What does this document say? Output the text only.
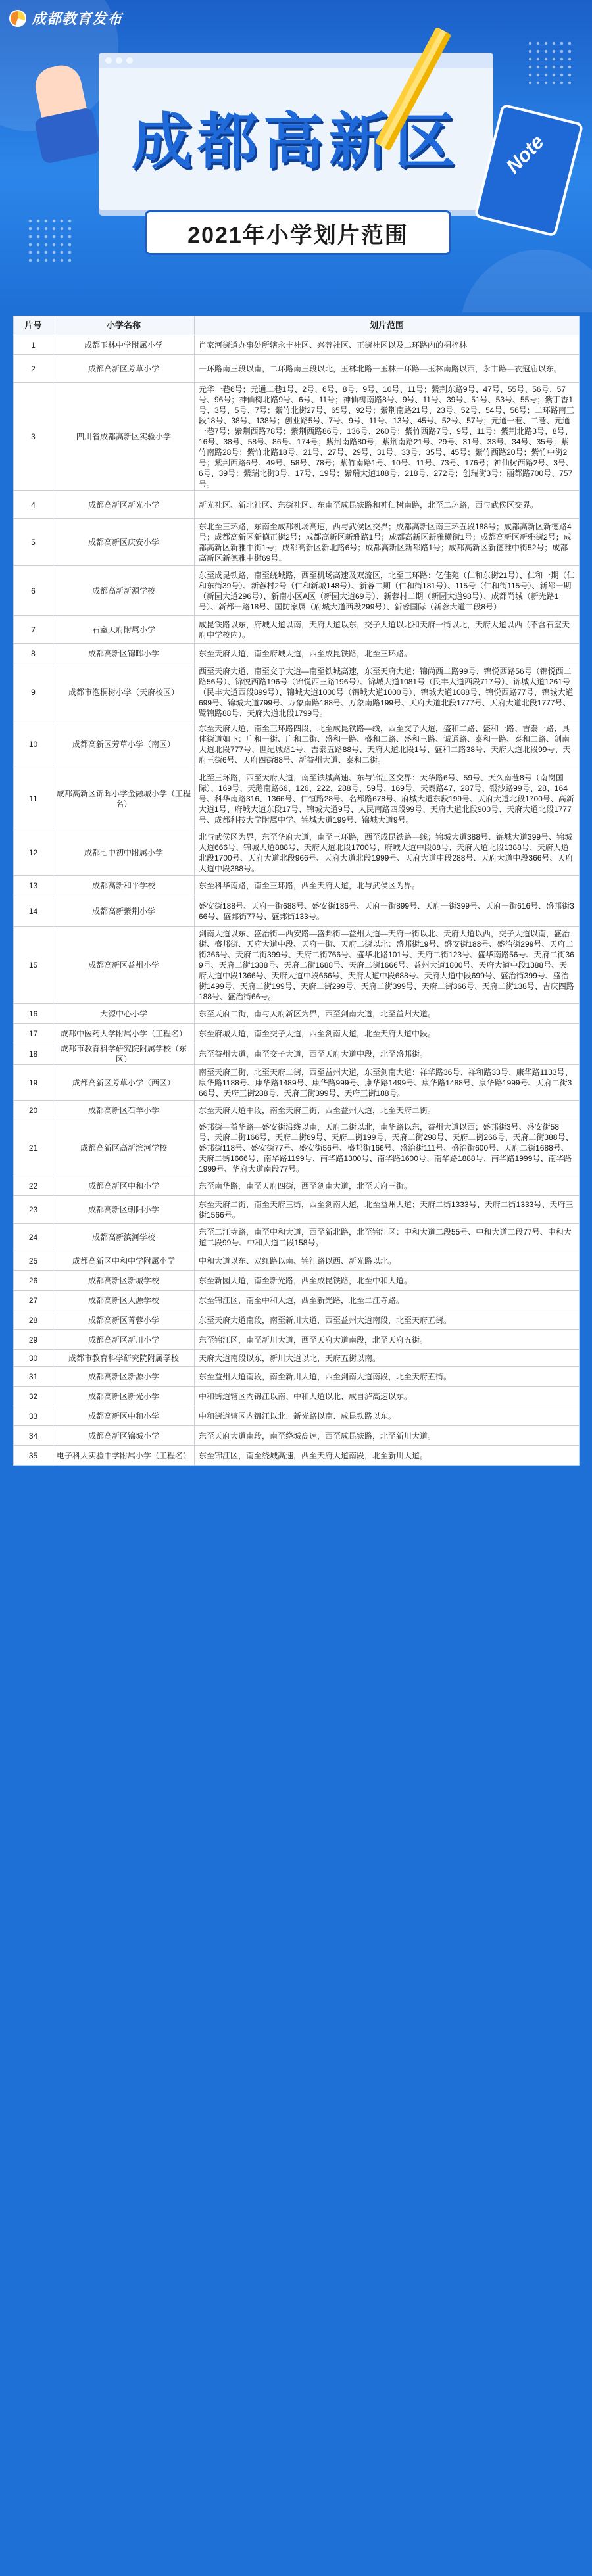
成都教育发布
成都高新区	Note
2021年小学划片范围
片号	小学名称	划片范围
1	成都玉林中学附属小学	肖家河街道办事处所辖永丰社区、兴蓉社区、正街社区以及二环路内的桐梓林
2	成都高新区芳草小学	一环路南三段以南，二环路南三段以北，玉林北路一玉林一环路—玉林南路以西，永丰路—衣冠庙以东。
3	四川省成都高新区实验小学	元华一巷6号；元通二巷1号、2号、6号、8号、9号、10号、11号；紫荆东路9号、47号、55号、56号、57号、96号；神仙树北路9号、6号、11号；神仙树南路8号、9号、11号、39号、51号、53号、55号；紫丁香1号、3号、5号、7号；紫竹北街27号、65号、92号；紫荆南路21号、23号、52号、54号、56号；二环路南三段18号、38号、138号；创业路5号、7号、9号、11号、13号、45号、52号、57号；元通一巷、二巷、元通一巷7号；紫荆西路78号；紫荆西路86号、136号、260号；紫竹西路7号、9号、11号；紫荆北路3号、8号、16号、38号、58号、86号、174号；紫荆南路80号；紫荆南路21号、29号、31号、33号、34号、35号；紫竹南路28号；紫竹北路18号、21号、27号、29号、31号、33号、35号、45号；紫竹西路20号；紫竹中街2号；紫荆西路6号、49号、58号、78号；紫竹南路1号、10号、11号、73号、176号；神仙树西路2号、3号、6号、39号；紫瑞北街3号、17号、19号；紫瑞大道188号、218号、272号；创瑞街3号；丽都路700号、757号。
4	成都高新区新光小学	新光社区、新北社区、东街社区、东南至成昆铁路和神仙树南路，北至二环路，西与武侯区交界。
5	成都高新区庆安小学	东北至三环路，东南至成都机场高速，西与武侯区交界；成都高新区南三环五段188号；成都高新区新德路4号；成都高新区新德正街2号；成都高新区新雅路1号；成都高新区新雅横街1号；成都高新区新雅街2号；成都高新区新雅中街1号；成都高新区新北路6号；成都高新区新都路1号；成都高新区新德雅中街52号；成都高新区新德雅中街69号。
6	成都高新新源学校	东至成昆铁路，南至绕城路，西至机场高速及双流区，北至三环路：亿佳苑（仁和东街21号）、仁和一期（仁和东街39号）、新蓉村2号（仁和新城148号）、新蓉二期（仁和街181号）、115号（仁和街115号）、新都一期（新园大道296号）、新南小区A区（新园大道69号）、新蓉村二期（新园大道98号）、成都尚城（新光路1号）、新都一路18号、国防家属（府城大道西段299号）、新蓉国际（新蓉大道二段8号）
7	石室天府附属小学	成昆铁路以东，府城大道以南，天府大道以东，交子大道以北和天府一街以北，天府大道以西（不含石室天府中学校内）。
8	成都高新区锦晖小学	东至天府大道，南至府城大道，西至成昆铁路，北至三环路。
9	成都市泡桐树小学（天府校区）	西至天府大道，南至交子大道—南至铁城高速，东至天府大道；锦尚西二路99号、锦悦西路56号（锦悦西二路56号）、锦悦西路196号（锦悦西三路196号）、锦城大道1081号（民丰大道西段717号）、锦城大道1261号（民丰大道西段899号）、锦城大道1000号（锦城大道1000号）、锦城大道1088号、锦悦西路77号、锦城大道699号、锦城大道799号、万象南路188号、万象南路199号、天府大道北段1777号、天府大道北段1777号、鹭锦路88号、天府大道北段1799号。
10	成都高新区芳草小学（南区）	东至天府大道，南至三环路四段，北至成昆铁路—线，西至交子大道，盛和二路、盛和一路、吉泰一路、具体街道如下：广和一街、广和二街、盛和一路、盛和二路、盛和三路、诚通路、泰和一路、泰和二路、剑南大道北段777号、世纪城路1号、吉泰五路88号、天府大道北段1号、盛和二路38号、天府大道北段99号、天府三街6号、天府四街88号、新益州大道、泰和二街。
11	成都高新区锦晖小学金融城小学（工程名）	北至三环路，西至天府大道，南至铁城高速、东与锦江区交界：天华路6号、59号、天久南巷8号（南岗国际）、169号、天鹅南路66、126、222、288号、59号、169号、天泰路47、287号、银沙路99号、28、164号、科华南路316、1366号、仁恒路28号、名都路678号、府城大道东段199号、天府大道北段1700号、高新大道1号、府城大道东段17号、锦城大道9号、人民南路四段99号、天府大道北段900号、天府大道北段1777号、成都科技大学附属中学、锦城大道199号、锦城大道9号。
12	成都七中初中附属小学	北与武侯区为界，东至华府大道，南至三环路，西至成昆铁路—线；锦城大道388号、锦城大道399号、锦城大道666号、锦城大道888号、天府大道北段1700号、府城大道中段88号、天府大道北段1388号、天府大道北段1700号、天府大道北段966号、天府大道北段1999号、天府大道中段288号、天府大道中段366号、天府大道中段388号。
13	成都高新和平学校	东至科华南路，南至三环路，西至天府大道，北与武侯区为界。
14	成都高新紫荆小学	盛安街188号、天府一街688号、盛安街186号、天府一街899号、天府一街399号、天府一街616号、盛邦街366号、盛邦街77号、盛邦街133号。
15	成都高新区益州小学	剑南大道以东、盛治街—西安路—盛邦街—益州大道—天府一街以北、天府大道以西，交子大道以南，盛治街、盛邦街、天府大道中段、天府一街、天府二街以北：盛邦街19号、盛安街188号、盛治街299号、天府二街366号、天府二街399号、天府二街766号、盛华北路101号、天府二街123号、盛华南路56号、天府二街369号、天府二街1388号、天府二街1688号、天府二街1666号、益州大道1800号、天府大道中段1388号、天府大道中段1366号、天府大道中段666号、天府大道中段688号、天府大道中段699号、盛治街399号、盛治街1499号、天府二街199号、天府二街299号、天府二街399号、天府二街366号、天府二街138号、吉庆四路188号、盛治街66号。
16	大源中心小学	东至天府二街，南与天府新区为界，西至剑南大道，北至益州大道。
17	成都中医药大学附属小学（工程名）	东至府城大道，南至交子大道，西至剑南大道，北至天府大道中段。
18	成都市教育科学研究院附属学校（东区）	东至益州大道，南至交子大道，西至天府大道中段，北至盛邦街。
19	成都高新区芳草小学（西区）	南至天府三街，北至天府二街，西至益州大道，东至剑南大道：祥华路36号、祥和路33号、康华路1133号、康华路1188号、康华路1489号、康华路999号、康华路1499号、康华路1488号、康华路1999号、天府二街366号、天府三街288号、天府三街399号、天府三街188号。
20	成都高新区石羊小学	东至天府大道中段，南至天府三街，西至益州大道，北至天府二街。
21	成都高新区高新滨河学校	盛邦街—益华路—盛安街沿线以南，天府二街以北，南华路以东，益州大道以西；盛邦街3号、盛安街58号、天府二街166号、天府二街69号、天府二街199号、天府二街298号、天府二街266号、天府二街388号、盛邦街118号、盛安街77号、盛安街56号、盛邦街166号、盛治街111号、盛治街600号、天府二街1688号、天府二街1666号、南华路1199号、南华路1300号、南华路1600号、南华路1888号、南华路1999号、南华路1999号、华府大道南段77号。
22	成都高新区中和小学	东至南华路，南至天府四街，西至剑南大道，北至天府三街。
23	成都高新区朝阳小学	东至天府二街，南至天府三街，西至剑南大道，北至益州大道；天府二街1333号、天府二街1333号、天府三街1566号。
24	成都高新滨河学校	东至二江寺路，南至中和大道，西至新北路，北至锦江区：中和大道二段55号、中和大道二段77号、中和大道二段99号、中和大道二段158号。
25	成都高新区中和中学附属小学	中和大道以东、双红路以南、锦江路以西、新光路以北。
26	成都高新区新城学校	东至新园大道，南至新光路，西至成昆铁路，北至中和大道。
27	成都高新区大源学校	东至锦江区，南至中和大道，西至新光路，北至二江寺路。
28	成都高新区菁蓉小学	东至天府大道南段，南至新川大道，西至益州大道南段，北至天府五街。
29	成都高新区新川小学	东至锦江区，南至新川大道，西至天府大道南段，北至天府五街。
30	成都市教育科学研究院附属学校	天府大道南段以东，新川大道以北，天府五街以南。
31	成都高新区新源小学	东至益州大道南段，南至新川大道，西至剑南大道南段，北至天府五街。
32	成都高新区新光小学	中和街道辖区内锦江以南、中和大道以北、成自泸高速以东。
33	成都高新区中和小学	中和街道辖区内锦江以北、新光路以南、成昆铁路以东。
34	成都高新区锦城小学	东至天府大道南段，南至绕城高速，西至成昆铁路，北至新川大道。
35	电子科大实验中学附属小学（工程名）	东至锦江区，南至绕城高速，西至天府大道南段，北至新川大道。
